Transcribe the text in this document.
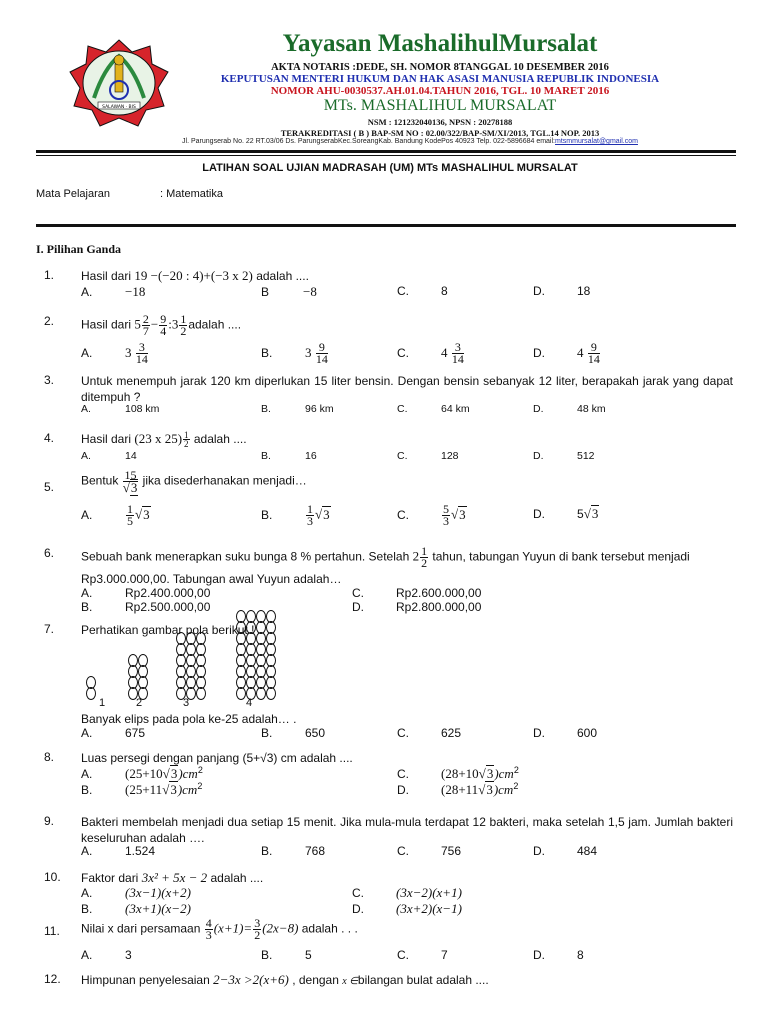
SALAWAN · BIS
Yayasan MashalihulMursalat
AKTA NOTARIS :DEDE, SH. NOMOR 8TANGGAL 10 DESEMBER 2016
KEPUTUSAN MENTERI HUKUM DAN HAK ASASI MANUSIA REPUBLIK INDONESIA
NOMOR AHU-0030537.AH.01.04.TAHUN 2016, TGL. 10 MARET 2016
MTs. MASHALIHUL MURSALAT
NSM : 121232040136, NPSN : 20278188
TERAKREDITASI ( B ) BAP-SM NO : 02.00/322/BAP-SM/XI/2013, TGL.14 NOP. 2013
Jl. Parungserab No. 22 RT.03/06 Ds. ParungserabKec.SoreangKab. Bandung KodePos 40923 Telp. 022-5896684 email:mtsmmursalat@gmail.com
LATIHAN SOAL UJIAN MADRASAH (UM) MTs MASHALIHUL MURSALAT
Mata Pelajaran	: Matematika
I. Pilihan Ganda
1.	Hasil dari 19 −(−20 : 4)+(−3 x 2) adalah ....
A.	−18	B	−8	C.	8	D.	18
2.	Hasil dari $5 \frac{2}{7} - \frac{9}{4}$ :3 $\frac{1}{2}$ adalah ....
A.	$3 \frac{3}{14}$	B.	$3 \frac{9}{14}$	C. $4 \frac{3}{14}$	D. $4 \frac{9}{14}$
3.	Untuk menempuh jarak 120 km diperlukan 15 liter bensin. Dengan bensin sebanyak 12 liter, berapakah jarak yang dapat ditempuh ?
A.	108 km	B.	96 km	C.	64 km	D.	48 km
4.	Hasil dari (23 x $25) \frac{1}{2}$ adalah ....
A.	14	B.	16	C.	128	D.	512
5.	Bentuk $\frac{15}{√3}$ jika disederhanakan menjadi…
A.	$\frac{1}{5} √3$	B.	$\frac{1}{3} √3$	C.	$\frac{5}{3} √3$	D.	5√3
6.	Sebuah bank menerapkan suku bunga 8 % pertahun. Setelah $2 \frac{1}{2}$ tahun, tabungan Yuyun di bank tersebut menjadi
Rp3.000.000,00. Tabungan awal Yuyun adalah…
A.	Rp2.400.000,00	C.	Rp2.600.000,00
B.	Rp2.500.000,00	D.	Rp2.800.000,00
7.	Perhatikan gambar pola berikut !
1	2	3	4
Banyak elips pada pola ke-25 adalah… .
A.	675	B.	650	C.	625	D.	600
8.	Luas persegi dengan panjang (5+√3) cm adalah ....
A.	$(25+10√3)cm^2$
B.	$(25+11√3)cm^2$
C. $(28+10√3)cm^2$
D. $(28+11√3)cm^2$
9.	Bakteri membelah menjadi dua setiap 15 menit. Jika mula-mula terdapat 12 bakteri, maka setelah 1,5 jam. Jumlah bakteri keseluruhan adalah ….
A.	1.524	B.	768	C.	756	D.	484
10.	Faktor dari 3x² + 5x − 2 adalah ....
A.	(3x−1)(x+2)	C. (3x−2)(x+1)
B.	(3x+1)(x−2)	D. (3x+2)(x−1)
11.	Nilai x dari persamaan $\frac{4}{3} (x+1)= \frac{3}{2} (2x-8)$ adalah . . .
A.	3	B.	5	C.	7	D.	8
12.	Himpunan penyelesaian 2−3x >2(x+6) , dengan x ∈bilangan bulat adalah ....
